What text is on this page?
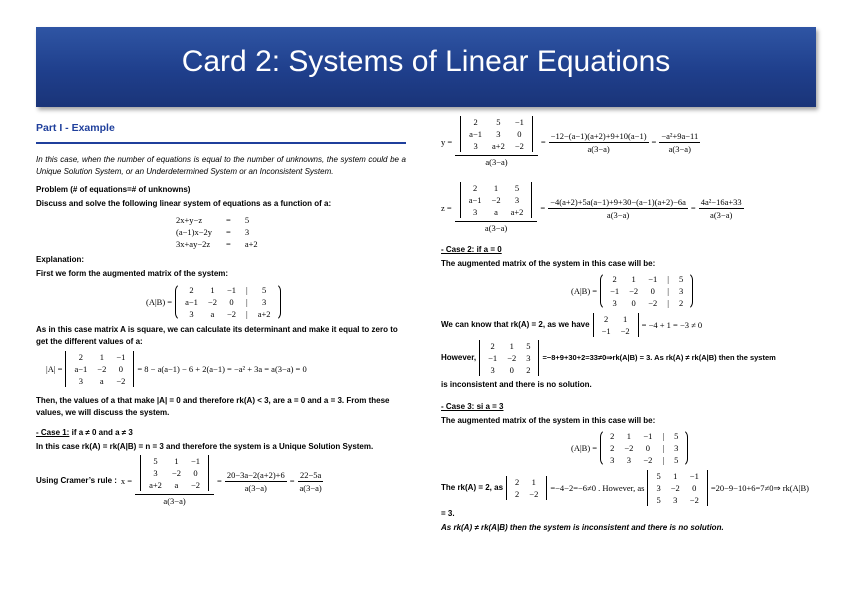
Card 2: Systems of Linear Equations
Part I - Example
In this case, when the number of equations is equal to the number of unknowns, the system could be a Unique Solution System, or an Underdetermined System or an Inconsistent System.
Problem (# of equations=# of unknowns)
Discuss and solve the following linear system of equations as a function of a:
2x+y−z	=	5
(a−1)x−2y	=	3
3x+ay−2z	=	a+2
Explanation:
First we form the augmented matrix of the system:
(A|B) =
2	1	−1	|	5
a−1	−2	0	|	3
3	a	−2	|	a+2
As in this case matrix A is square, we can calculate its determinant and make it equal to zero to get the different values of a:
|A| =
2	1	−1
a−1	−2	0
3	a	−2
= 8 − a(a−1) − 6 + 2(a−1) = −a² + 3a = a(3−a) = 0
Then, the values of a that make |A| = 0 and therefore rk(A) < 3, are a = 0 and a = 3. From these values, we will discuss the system.
- Case 1: if a ≠ 0 and a ≠ 3
In this case rk(A) = rk(A|B) = n = 3 and therefore the system is a Unique Solution System.
Using Cramer’s rule : x = 5	1	−1
3	−2	0
a+2	a	−2
$a(3-a) = \frac{20-3a-2(a+2)+6}{a(3-a)} = \frac{22-5a}{a(3-a)}$
y = 2	5	−1
a−1	3	0
3	a+2	−2
$a(3-a) = \frac{-12-(a-1)(a+2)+9+10(a-1)}{a(3-a)} = \frac{\text{−a²+9a−11}}{a(3-a)}$
z = 2	1	5
a−1	−2	3
3	a	a+2
$a(3-a) = \frac{-4(a+2)+5a(a-1)+9+30-(a-1)(a+2)-6a}{a(3-a)} = \frac{\text{4a²−16a+33}}{a(3-a)}$
- Case 2: if a = 0
The augmented matrix of the system in this case will be:
(A|B) =
2	1	−1	|	5
−1	−2	0	|	3
3	0	−2	|	2
We can know that rk(A) = 2, as we have
2	1
−1	−2
= −4 + 1 = −3 ≠ 0
However,
2	1	5
−1	−2	3
3	0	2
=−8+9+30+2=33≠0⇒rk(A|B) = 3. As rk(A) ≠ rk(A|B) then the system
is inconsistent and there is no solution.
- Case 3: si a = 3
The augmented matrix of the system in this case will be:
(A|B) =
2	1	−1	|	5
2	−2	0	|	3
3	3	−2	|	5
The rk(A) = 2, as
2	1
2	−2
=−4−2=−6≠0 . However, as
5	1	−1
3	−2	0
5	3	−2
=20−9−10+6=7≠0⇒ rk(A|B)
= 3.
As rk(A) ≠ rk(A|B) then the system is inconsistent and there is no solution.
